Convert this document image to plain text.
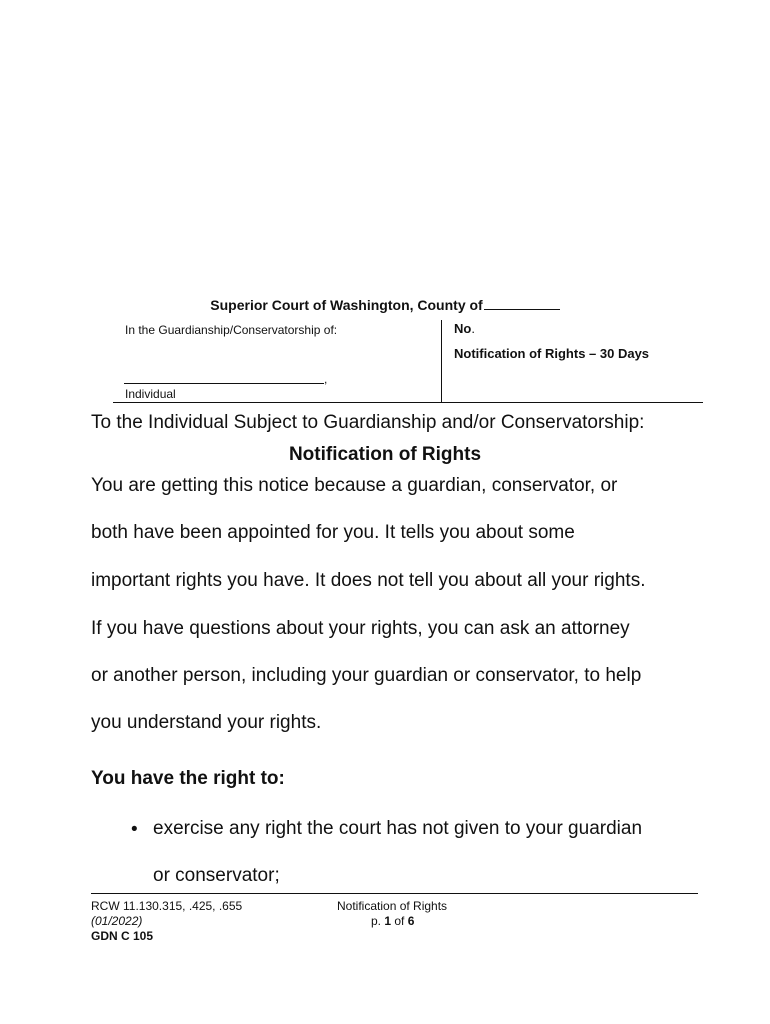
Superior Court of Washington, County of
In the Guardianship/Conservatorship of:
,
Individual
No.
Notification of Rights – 30 Days
To the Individual Subject to Guardianship and/or Conservatorship:
Notification of Rights
You are getting this notice because a guardian, conservator, or
both have been appointed for you. It tells you about some
important rights you have. It does not tell you about all your rights.
If you have questions about your rights, you can ask an attorney
or another person, including your guardian or conservator, to help
you understand your rights.
You have the right to:
• exercise any right the court has not given to your guardian
or conservator;
RCW 11.130.315, .425, .655
(01/2022)
GDN C 105
Notification of Rights
p. 1 of 6
